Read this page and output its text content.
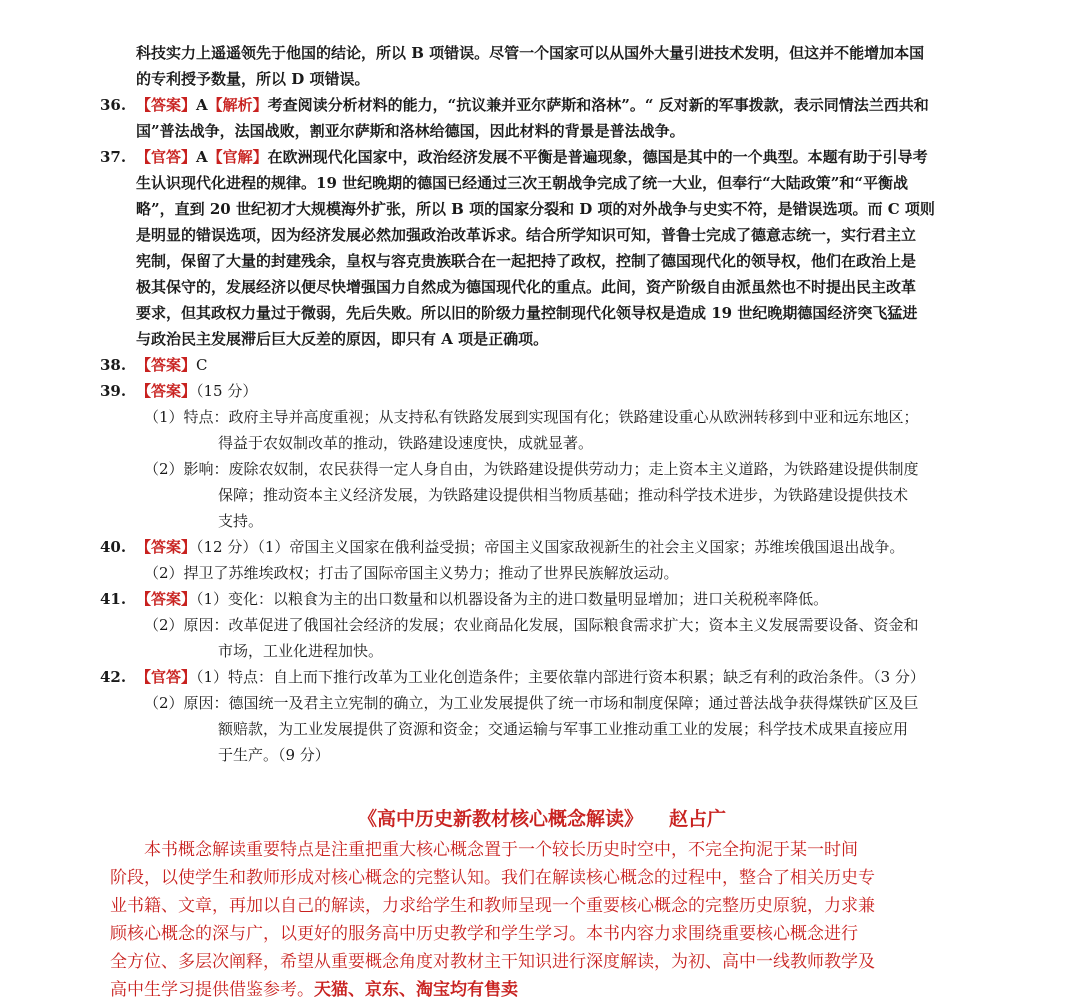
科技实力上遥遥领先于他国的结论，所以 B 项错误。尽管一个国家可以从国外大量引进技术发明，但这并不能增加本国

的专利授予数量，所以 D 项错误。

36. 【答案】A【解析】考查阅读分析材料的能力，“抗议兼并亚尔萨斯和洛林”。“ 反对新的军事拨款，表示同情法兰西共和

国”普法战争，法国战败，割亚尔萨斯和洛林给德国，因此材料的背景是普法战争。

37. 【官答】A【官解】在欧洲现代化国家中，政治经济发展不平衡是普遍现象，德国是其中的一个典型。本题有助于引导考

生认识现代化进程的规律。19 世纪晚期的德国已经通过三次王朝战争完成了统一大业，但奉行“大陆政策”和“平衡战

略”，直到 20 世纪初才大规模海外扩张，所以 B 项的国家分裂和 D 项的对外战争与史实不符，是错误选项。而 C 项则

是明显的错误选项，因为经济发展必然加强政治改革诉求。结合所学知识可知，普鲁士完成了德意志统一，实行君主立

宪制，保留了大量的封建残余，皇权与容克贵族联合在一起把持了政权，控制了德国现代化的领导权，他们在政治上是

极其保守的，发展经济以便尽快增强国力自然成为德国现代化的重点。此间，资产阶级自由派虽然也不时提出民主改革

要求，但其政权力量过于微弱，先后失败。所以旧的阶级力量控制现代化领导权是造成 19 世纪晚期德国经济突飞猛进

与政治民主发展滞后巨大反差的原因，即只有 A 项是正确项。

38. 【答案】C

39. 【答案】（15 分）

（1）特点：政府主导并高度重视；从支持私有铁路发展到实现国有化；铁路建设重心从欧洲转移到中亚和远东地区；

得益于农奴制改革的推动，铁路建设速度快，成就显著。

（2）影响：废除农奴制，农民获得一定人身自由，为铁路建设提供劳动力；走上资本主义道路，为铁路建设提供制度

保障；推动资本主义经济发展，为铁路建设提供相当物质基础；推动科学技术进步，为铁路建设提供技术

支持。

40. 【答案】（12 分）（1）帝国主义国家在俄利益受损；帝国主义国家敌视新生的社会主义国家；苏维埃俄国退出战争。

（2）捍卫了苏维埃政权；打击了国际帝国主义势力；推动了世界民族解放运动。

41. 【答案】（1）变化：以粮食为主的出口数量和以机器设备为主的进口数量明显增加；进口关税税率降低。

（2）原因：改革促进了俄国社会经济的发展；农业商品化发展，国际粮食需求扩大；资本主义发展需要设备、资金和

市场，工业化进程加快。

42. 【官答】（1）特点：自上而下推行改革为工业化创造条件；主要依靠内部进行资本积累；缺乏有利的政治条件。（3 分）

（2）原因：德国统一及君主立宪制的确立，为工业发展提供了统一市场和制度保障；通过普法战争获得煤铁矿区及巨

额赔款，为工业发展提供了资源和资金；交通运输与军事工业推动重工业的发展；科学技术成果直接应用

于生产。（9 分）

《高中历史新教材核心概念解读》 赵占广

本书概念解读重要特点是注重把重大核心概念置于一个较长历史时空中，不完全拘泥于某一时间

阶段，以使学生和教师形成对核心概念的完整认知。我们在解读核心概念的过程中，整合了相关历史专

业书籍、文章，再加以自己的解读，力求给学生和教师呈现一个重要核心概念的完整历史原貌，力求兼

顾核心概念的深与广，以更好的服务高中历史教学和学生学习。本书内容力求围绕重要核心概念进行

全方位、多层次阐释，希望从重要概念角度对教材主干知识进行深度解读，为初、高中一线教师教学及

高中生学习提供借鉴参考。天猫、京东、淘宝均有售卖
